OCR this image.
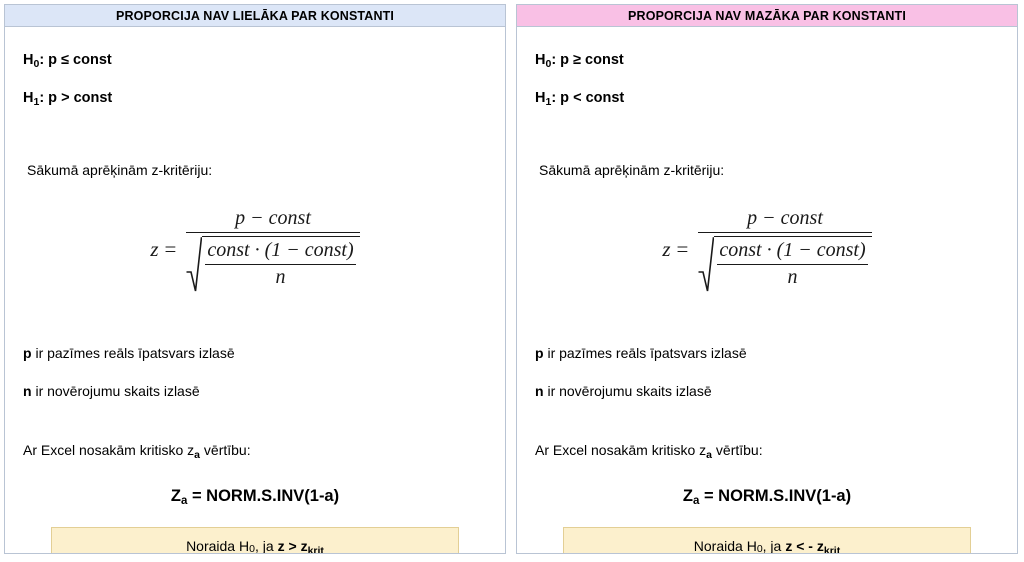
PROPORCIJA NAV LIELĀKA PAR KONSTANTI
$H_0$: p ≤ const
$H_1$: p > const
Sākumā aprēķinām z-kritēriju:
$z = \frac{\text{p − const}}{\frac{\text{const · (1 − const)}}{n}}$
p ir pazīmes reāls īpatsvars izlasē
n ir novērojumu skaits izlasē
Ar Excel nosakām kritisko $z_a$ vērtību:
$Z_a$ = NORM.S.INV(1-a)
Noraida H 0 , ja $z > z_{krit}$
PROPORCIJA NAV MAZĀKA PAR KONSTANTI
$H_0$: p ≥ const
$H_1$: p < const
Sākumā aprēķinām z-kritēriju:
$z = \frac{\text{p − const}}{\frac{\text{const · (1 − const)}}{n}}$
p ir pazīmes reāls īpatsvars izlasē
n ir novērojumu skaits izlasē
Ar Excel nosakām kritisko $z_a$ vērtību:
$Z_a$ = NORM.S.INV(1-a)
Noraida H 0 , ja z < - $z_{krit}$
